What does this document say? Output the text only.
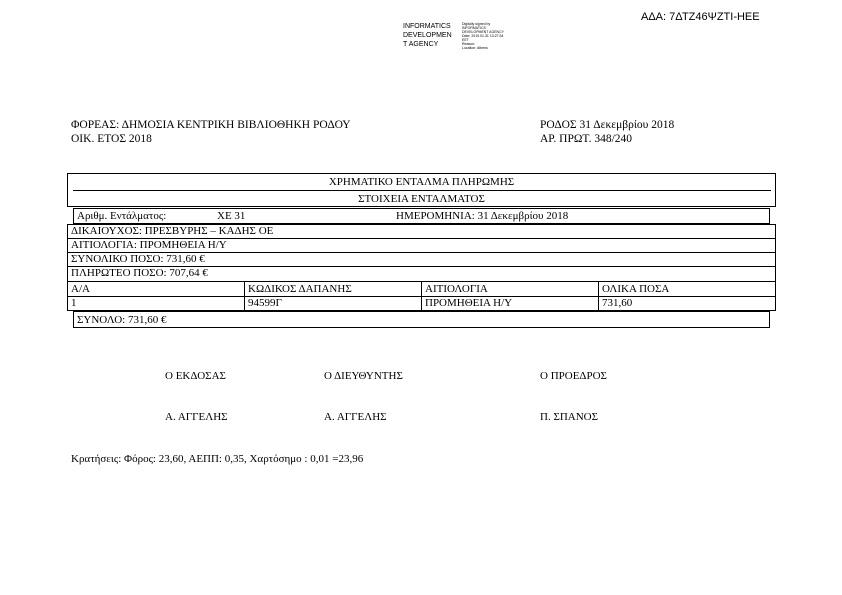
ΑΔΑ: 7ΔΤΖ46ΨΖΤΙ-ΗΕΕ
INFORMATICS
DEVELOPMEN
T AGENCY
Digitally signed by
INFORMATICS
DEVELOPMENT AGENCY
Date: 2019.01.31 13:27:34
EET
Reason:
Location: Athens
ΦΟΡΕΑΣ: ΔΗΜΟΣΙΑ ΚΕΝΤΡΙΚΗ ΒΙΒΛΙΟΘΗΚΗ ΡΟΔΟΥ
ΟΙΚ. ΕΤΟΣ 2018
ΡΟΔΟΣ 31 Δεκεμβρίου 2018
ΑΡ. ΠΡΩΤ. 348/240
ΧΡΗΜΑΤΙΚΟ ΕΝΤΑΛΜΑ ΠΛΗΡΩΜΗΣ
ΣΤΟΙΧΕΙΑ ΕΝΤΑΛΜΑΤΟΣ
Αριθμ. Εντάλματος:	ΧΕ 31	ΗΜΕΡΟΜΗΝΙΑ: 31 Δεκεμβρίου 2018
ΔΙΚΑΙΟΥΧΟΣ: ΠΡΕΣΒΥΡΗΣ – ΚΑΔΗΣ ΟΕ
ΑΙΤΙΟΛΟΓΙΑ: ΠΡΟΜΗΘΕΙΑ Η/Υ
ΣΥΝΟΛΙΚΟ ΠΟΣΟ: 731,60 €
ΠΛΗΡΩΤΕΟ ΠΟΣΟ: 707,64 €
Α/Α	ΚΩΔΙΚΟΣ ΔΑΠΑΝΗΣ	ΑΙΤΙΟΛΟΓΙΑ	ΟΛΙΚΑ ΠΟΣΑ
1	94599Γ	ΠΡΟΜΗΘΕΙΑ Η/Υ	731,60
ΣΥΝΟΛΟ: 731,60 €
Ο ΕΚΔΟΣΑΣ	Ο ΔΙΕΥΘΥΝΤΗΣ	Ο ΠΡΟΕΔΡΟΣ
Α. ΑΓΓΕΛΗΣ	Α. ΑΓΓΕΛΗΣ	Π. ΣΠΑΝΟΣ
Κρατήσεις: Φόρος: 23,60, ΑΕΠΠ: 0,35, Χαρτόσημο : 0,01 =23,96
